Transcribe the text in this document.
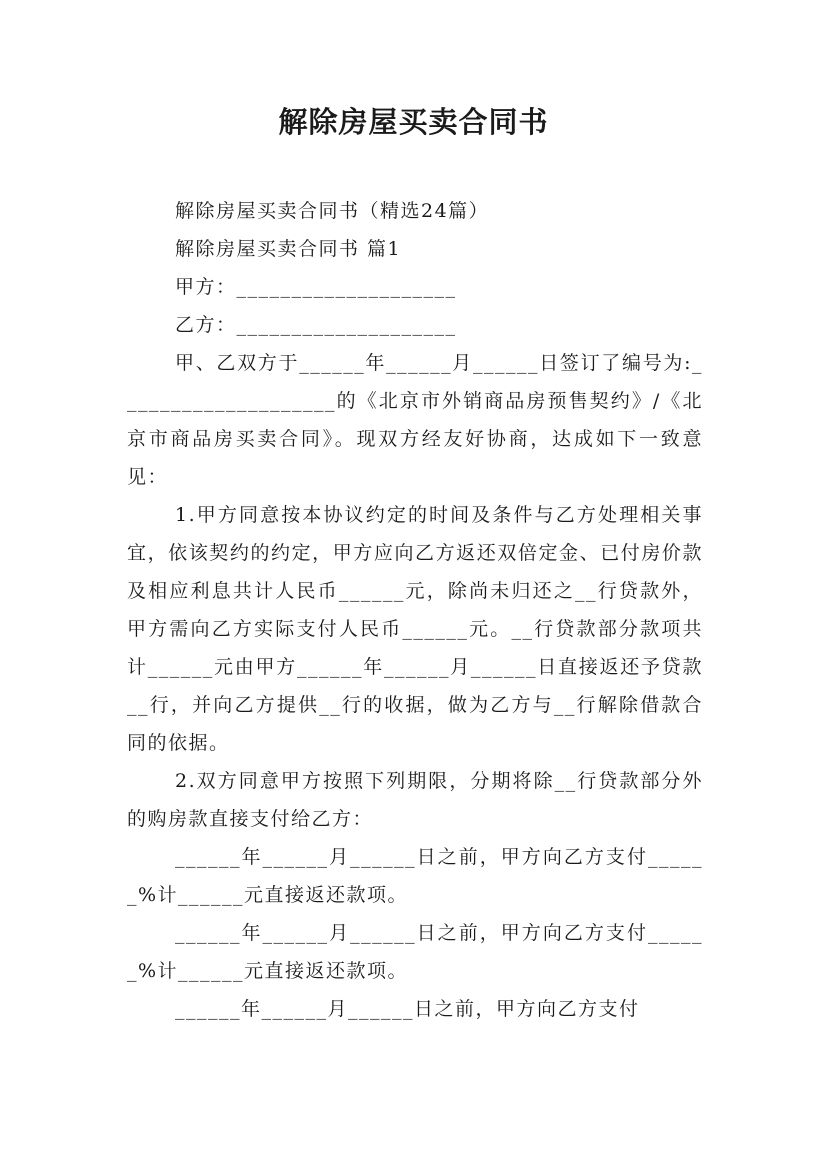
解除房屋买卖合同书

解除房屋买卖合同书（精选24篇）

解除房屋买卖合同书 篇1

甲方：____________________

乙方：____________________

甲、乙双方于______年______月______日签订了编号为:____________________的《北京市外销商品房预售契约》/《北京市商品房买卖合同》。现双方经友好协商，达成如下一致意见：

1.甲方同意按本协议约定的时间及条件与乙方处理相关事宜，依该契约的约定，甲方应向乙方返还双倍定金、已付房价款及相应利息共计人民币______元，除尚未归还之__行贷款外，甲方需向乙方实际支付人民币______元。__行贷款部分款项共计______元由甲方______年______月______日直接返还予贷款__行，并向乙方提供__行的收据，做为乙方与__行解除借款合同的依据。

2.双方同意甲方按照下列期限，分期将除__行贷款部分外的购房款直接支付给乙方：

______年______月______日之前，甲方向乙方支付______%计______元直接返还款项。

______年______月______日之前，甲方向乙方支付______%计______元直接返还款项。

______年______月______日之前，甲方向乙方支付
